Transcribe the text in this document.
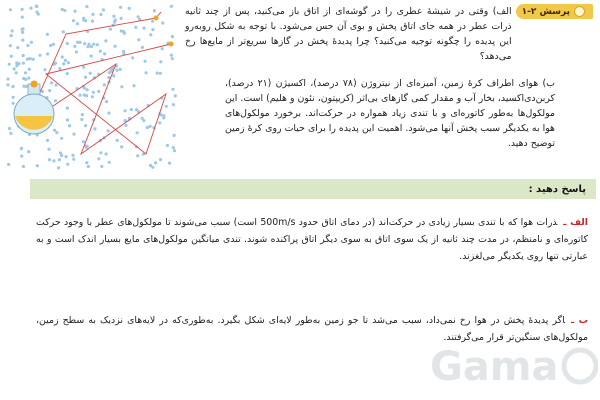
پرسش ۲-۱

الف) وقتی در شیشهٔ عطری را در گوشه‌ای از اتاق باز می‌کنید، پس از چند ثانیه ذرات عطر در همه جای اتاق پخش و بوی آن حس می‌شود. با توجه به شکل روبه‌رو این پدیده را چگونه توجیه می‌کنید؟ چرا پدیدهٔ پخش در گازها سریع‌تر از مایع‌ها رخ می‌دهد؟

ب) هوای اطراف کرهٔ زمین، آمیزه‌ای از نیتروژن (۷۸ درصد)، اکسیژن (۲۱ درصد)، کربن‌دی‌اکسید، بخار آب و مقدار کمی گازهای بی‌اثر (کریپتون، نئون و هلیم) است. این مولکول‌ها به‌طور کاتوره‌ای و با تندی زیاد همواره در حرکت‌اند. برخورد مولکول‌های هوا به یکدیگر سبب پخش آنها می‌شود. اهمیت این پدیده را برای حیات روی کرهٔ زمین توضیح دهید.

پاسخ دهید :

الف ـذرات هوا که با تندی بسیار زیادی در حرکت‌اند (در دمای اتاق حدود 500m/s است) سبب می‌شوند تا مولکول‌های عطر با وجود حرکت کاتوره‌ای و نامنظم، در مدت چند ثانیه از یک سوی اتاق به سوی دیگر اتاق پراکنده شوند. تندی میانگین مولکول‌های مایع بسیار اندک است و به عبارتی تنها روی یکدیگر می‌لغزند.

ب ـاگر پدیدهٔ پخش در هوا رخ نمی‌داد، سبب می‌شد تا جو زمین به‌طور لایه‌ای شکل بگیرد. به‌طوری‌که در لایه‌های نزدیک به سطح زمین، مولکول‌های سنگین‌تر قرار می‌گرفتند.

Gama
